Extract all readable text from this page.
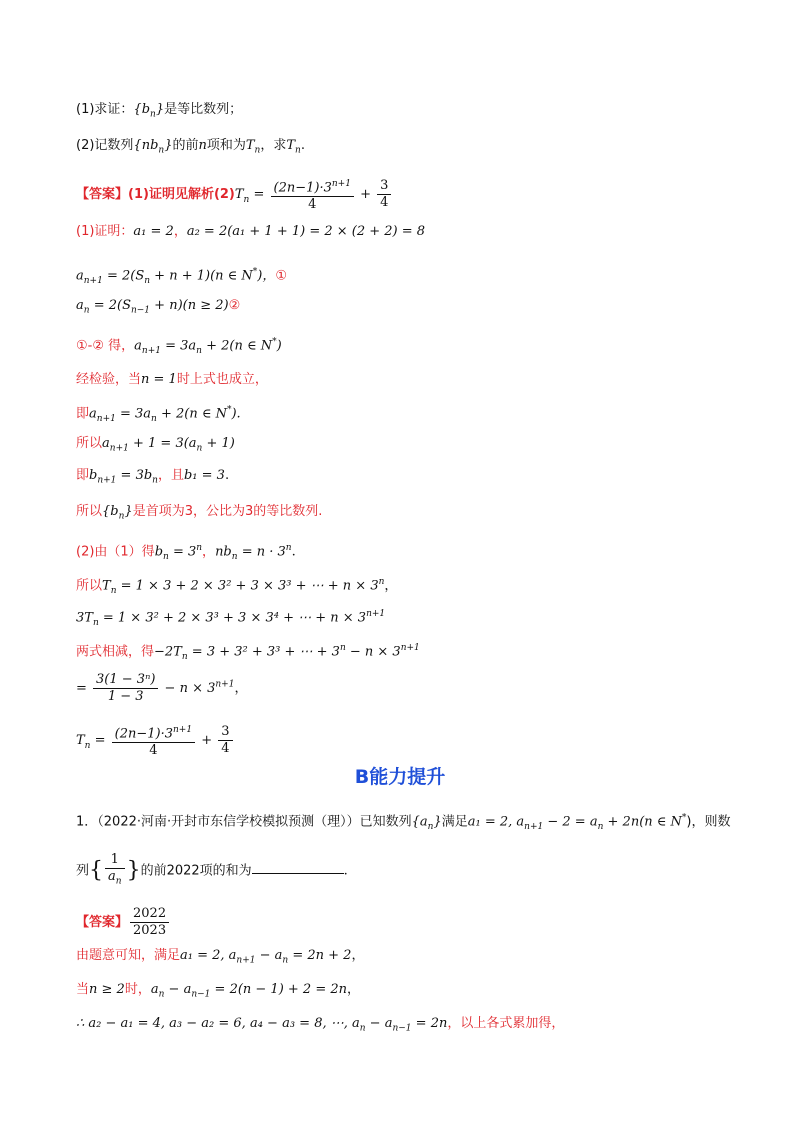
(1)求证：$\{b_n\}$是等比数列；
(2)记数列$\{nb_n\}$的前n项和为$T_n$，求$T_n$.
【答案】(1)证明见解析$(2)T_n = \frac{(2n-1)\cdot 3^{n+1}}{4} + \frac{3}{4}$
(1)证明：a₁ = 2，a₂ = 2(a₁ + 1 + 1) = 2 × (2 + 2) = 8
$a_{n+1} = 2(S_n + n + 1)(n$ ∈ N*)，①
$a_n = 2(S_{n-1} + n)(n$ ≥ 2)②
①-② 得，$a_{n+1} = 3a_n + 2(n$ ∈ N*)
经检验，当n = 1时上式也成立，
即$a_{n+1} = 3a_n + 2(n$ ∈ N*).
所以$a_{n+1} + 1 = 3(a_n + 1)$
即$b_{n+1} = 3b_n$，且b₁ = 3.
所以$\{b_n\}$是首项为3，公比为3的等比数列.
(2)由（1）得$b_n = 3^n$，$nb_n = n \cdot 3^n$.
所以$T_n = 1 \times 3 + 2 \times 3^2 + 3 \times 3^3$ + ⋯ + $n \times 3^n$，
$3T_n = 1 \times 3^2 + 2 \times 3^3 + 3 \times 3^4$ + ⋯ + $n \times 3^{n+1}$
两式相减，得$-2T_n = 3 + 3^2 + 3^3$ + ⋯ + $3^n - n \times 3^{n+1}$
= $\frac{\text{3(1 − 3ⁿ)}}{1 - 3} - n \times 3^{n+1}$，
$T_n = \frac{(2n-1)\cdot 3^{n+1}}{4} + \frac{3}{4}$
B能力提升
1．（2022·河南·开封市东信学校模拟预测（理））已知数列$\{a_n\}$满足a₁ = 2, $a_{n+1} - 2 = a_n + 2n(n$ ∈ N*)，则数
列{ $\frac{1}{a_n}$ }的前2022项的和为	.
【答案】 $\frac{2022}{2023}$
由题意可知，满足a₁ = 2, $a_{n+1} - a_n = 2n + 2$，
当n ≥ 2时，$a_n - a_{n-1} = 2(n - 1) + 2 = 2n$，
∴ a₂ − a₁ = 4, a₃ − a₂ = 6, a₄ − a₃ = 8, ⋯, $a_n - a_{n-1} = 2n$，以上各式累加得，
